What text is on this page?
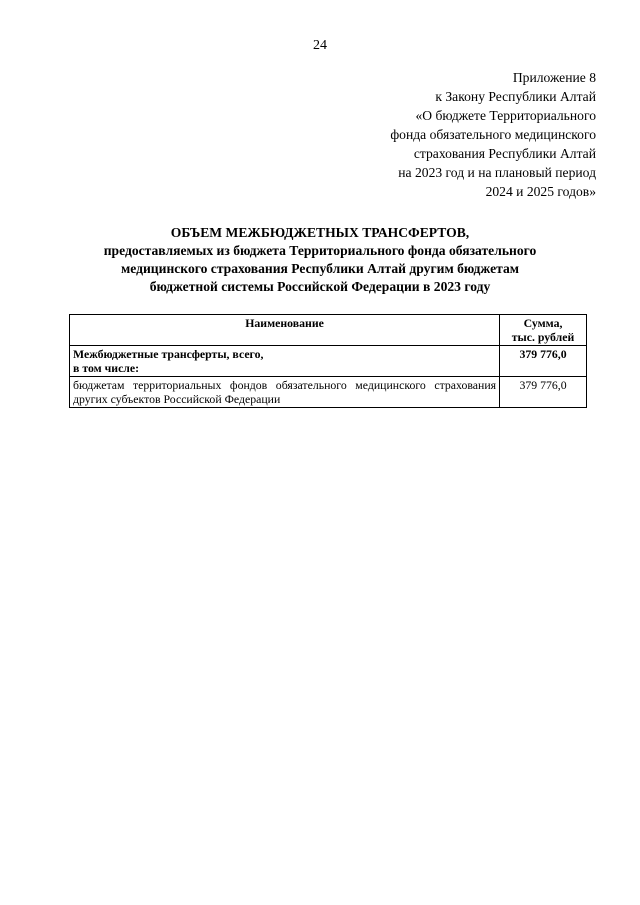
24
Приложение 8
к Закону Республики Алтай
«О бюджете Территориального
фонда обязательного медицинского
страхования Республики Алтай
на 2023 год и на плановый период
2024 и 2025 годов»
ОБЪЕМ МЕЖБЮДЖЕТНЫХ ТРАНСФЕРТОВ,
предоставляемых из бюджета Территориального фонда обязательного
медицинского страхования Республики Алтай другим бюджетам
бюджетной системы Российской Федерации в 2023 году
Наименование	Сумма,
тыс. рублей

Межбюджетные трансферты, всего,
в том числе:	379 776,0
бюджетам территориальных фондов обязательного медицинского страхования других субъектов Российской Федерации	379 776,0
